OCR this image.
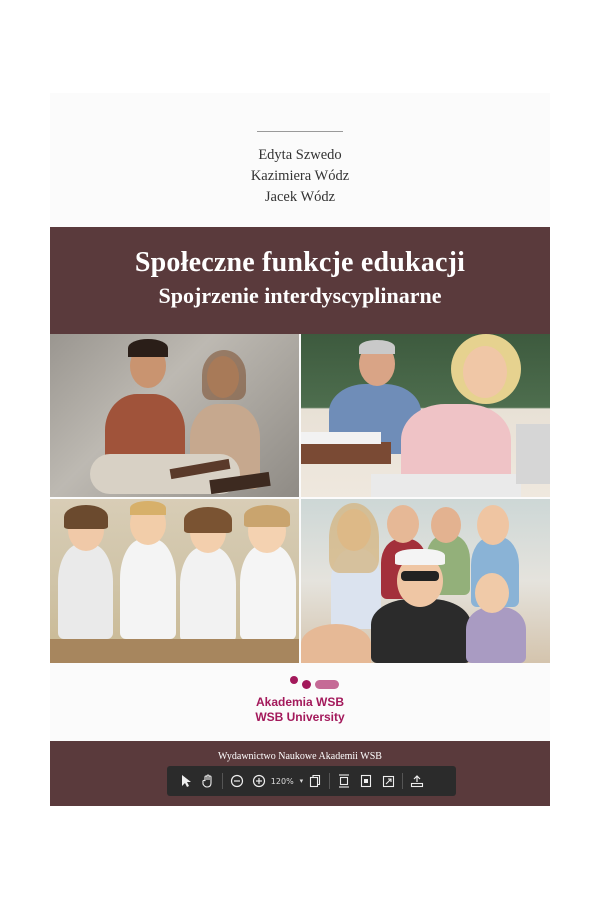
Edyta Szwedo
Kazimiera Wódz
Jacek Wódz
Społeczne funkcje edukacji
Spojrzenie interdyscyplinarne
Akademia WSB
WSB University
Wydawnictwo Naukowe Akademii WSB
120% ▾
